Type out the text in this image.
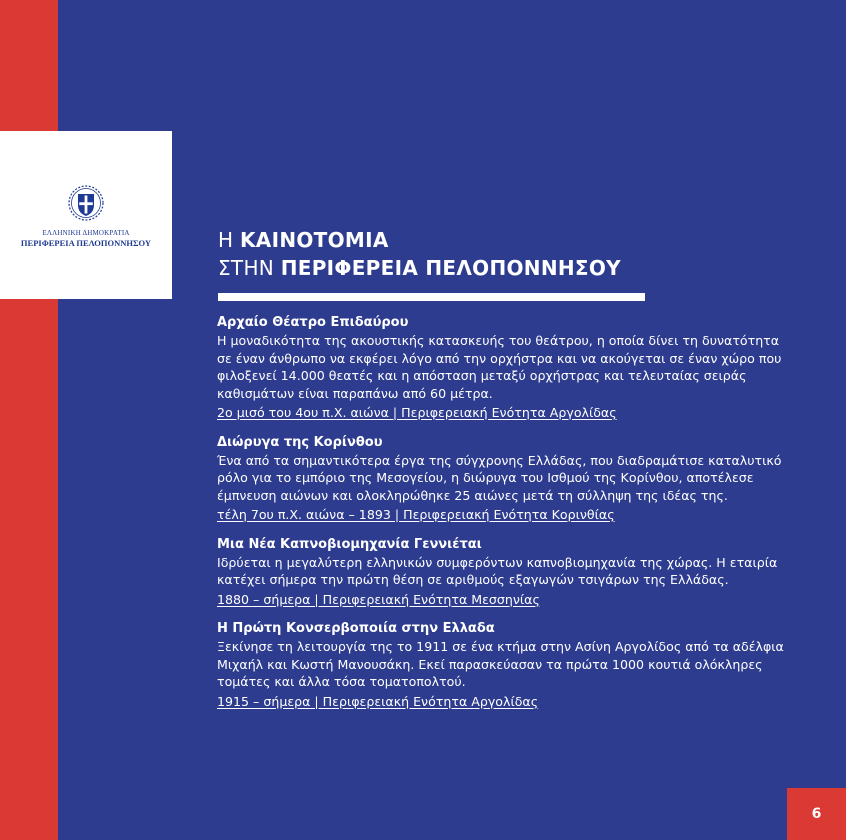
ΕΛΛΗΝΙΚΗ ΔΗΜΟΚΡΑΤΙΑ
ΠΕΡΙΦΕΡΕΙΑ ΠΕΛΟΠΟΝΝΗΣΟΥ	Η ΚΑΙΝΟΤΟΜΙΑ
ΣΤΗΝ ΠΕΡΙΦΕΡΕΙΑ ΠΕΛΟΠΟΝΝΗΣΟΥ
Αρχαίο Θέατρο Επιδαύρου
Η μοναδικότητα της ακουστικής κατασκευής του θεάτρου, η οποία δίνει τη δυνατότητα σε έναν άνθρωπο να εκφέρει λόγο από την ορχήστρα και να ακούγεται σε έναν χώρο που φιλοξενεί 14.000 θεατές και η απόσταση μεταξύ ορχήστρας και τελευταίας σειράς καθισμάτων είναι παραπάνω από 60 μέτρα.
2ο μισό του 4ου π.Χ. αιώνα | Περιφερειακή Ενότητα Αργολίδας
Διώρυγα της Κορίνθου
Ένα από τα σημαντικότερα έργα της σύγχρονης Ελλάδας, που διαδραμάτισε καταλυτικό ρόλο για το εμπόριο της Μεσογείου, η διώρυγα του Ισθμού της Κορίνθου, αποτέλεσε έμπνευση αιώνων και ολοκληρώθηκε 25 αιώνες μετά τη σύλληψη της ιδέας της.
τέλη 7ου π.Χ. αιώνα – 1893 | Περιφερειακή Ενότητα Κορινθίας
Μια Νέα Καπνοβιομηχανία Γεννιέται
Ιδρύεται η μεγαλύτερη ελληνικών συμφερόντων καπνοβιομηχανία της χώρας. Η εταιρία κατέχει σήμερα την πρώτη θέση σε αριθμούς εξαγωγών τσιγάρων της Ελλάδας.
1880 – σήμερα | Περιφερειακή Ενότητα Μεσσηνίας
Η Πρώτη Κονσερβοποιία στην Ελλαδα
Ξεκίνησε τη λειτουργία της το 1911 σε ένα κτήμα στην Ασίνη Αργολίδος από τα αδέλφια Μιχαήλ και Κωστή Μανουσάκη. Εκεί παρασκεύασαν τα πρώτα 1000 κουτιά ολόκληρες τομάτες και άλλα τόσα τοματοπολτού.
1915 – σήμερα | Περιφερειακή Ενότητα Αργολίδας
6
